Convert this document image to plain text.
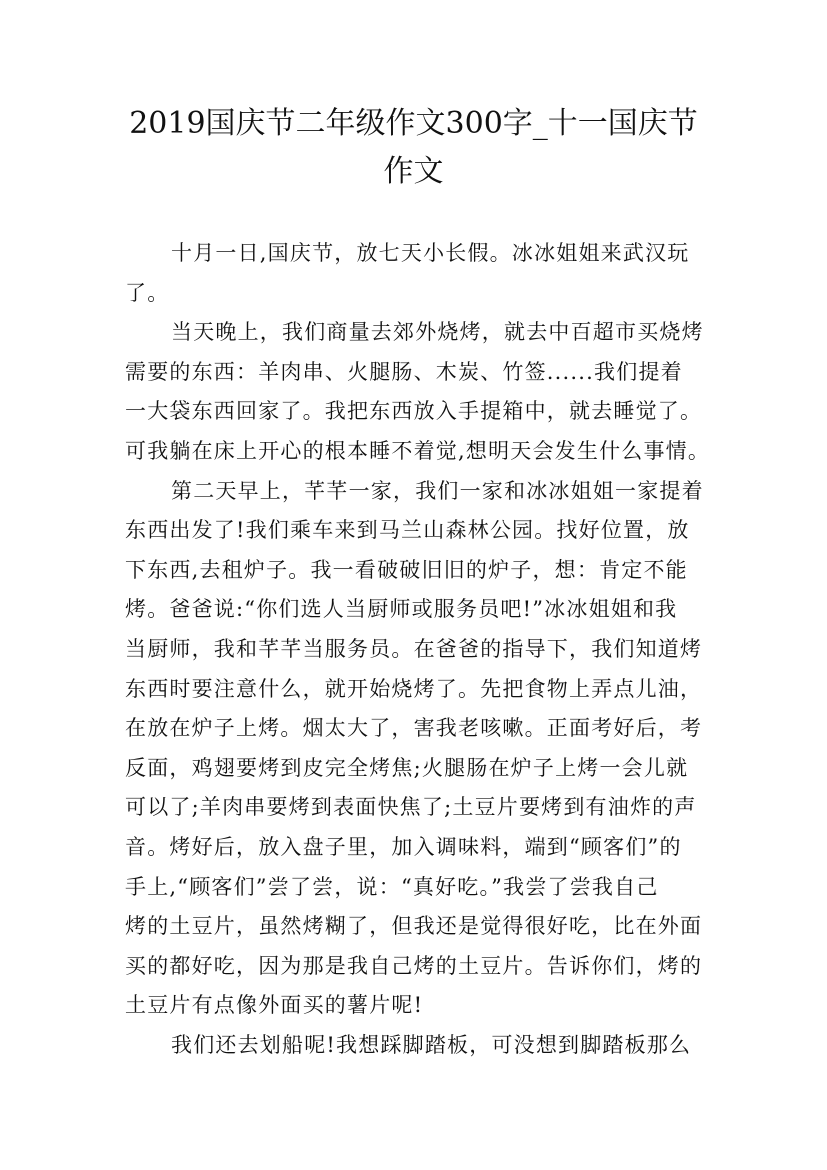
2019国庆节二年级作文300字_十一国庆节
作文
十月一日,国庆节，放七天小长假。冰冰姐姐来武汉玩
了。
当天晚上，我们商量去郊外烧烤，就去中百超市买烧烤
需要的东西：羊肉串、火腿肠、木炭、竹签......我们提着
一大袋东西回家了。我把东西放入手提箱中，就去睡觉了。
可我躺在床上开心的根本睡不着觉,想明天会发生什么事情。
第二天早上，芊芊一家，我们一家和冰冰姐姐一家提着
东西出发了!我们乘车来到马兰山森林公园。找好位置，放
下东西,去租炉子。我一看破破旧旧的炉子，想：肯定不能
烤。爸爸说:“你们选人当厨师或服务员吧!”冰冰姐姐和我
当厨师，我和芊芊当服务员。在爸爸的指导下，我们知道烤
东西时要注意什么，就开始烧烤了。先把食物上弄点儿油，
在放在炉子上烤。烟太大了，害我老咳嗽。正面考好后，考
反面，鸡翅要烤到皮完全烤焦;火腿肠在炉子上烤一会儿就
可以了;羊肉串要烤到表面快焦了;土豆片要烤到有油炸的声
音。烤好后，放入盘子里，加入调味料，端到“顾客们”的
手上,“顾客们”尝了尝，说：“真好吃。”我尝了尝我自己
烤的土豆片，虽然烤糊了，但我还是觉得很好吃，比在外面
买的都好吃，因为那是我自己烤的土豆片。告诉你们，烤的
土豆片有点像外面买的薯片呢!
我们还去划船呢!我想踩脚踏板，可没想到脚踏板那么
